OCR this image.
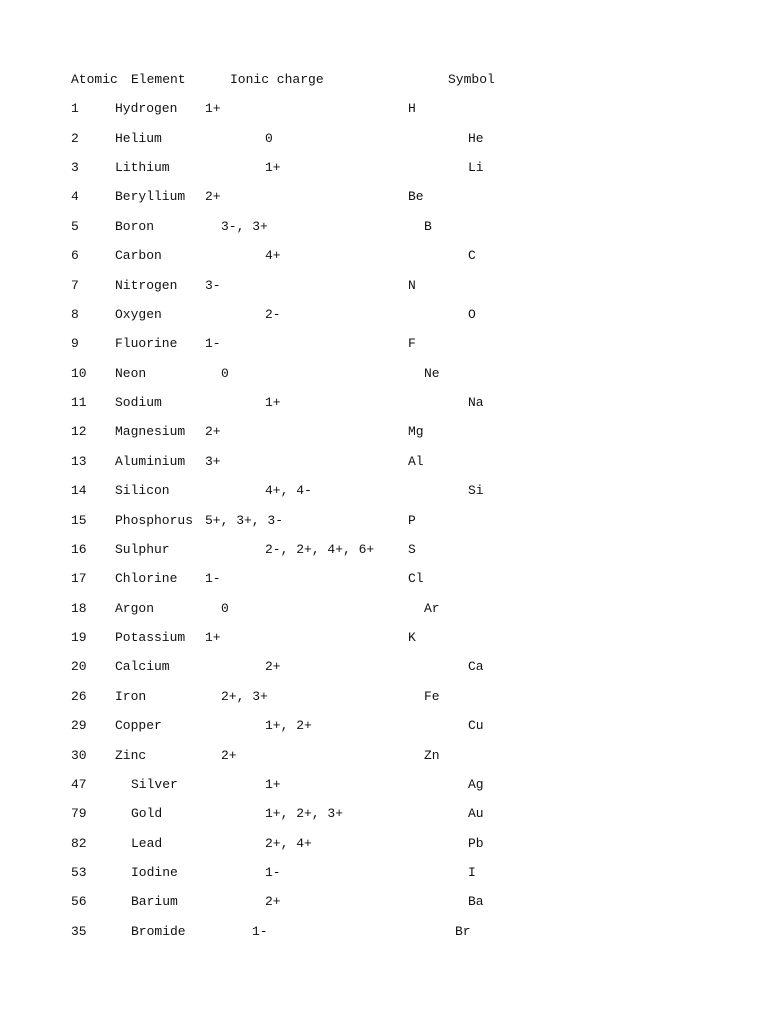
Atomic Element	Ionic charge	Symbol
1	Hydrogen 1+	H
2	Helium	0	He
3	Lithium	1+	Li
4	Beryllium 2+	Be
5	Boron	3-, 3+	B
6	Carbon	4+	C
7	Nitrogen 3-	N
8	Oxygen	2-	O
9	Fluorine 1-	F
10 Neon	0	Ne
11 Sodium	1+	Na
12 Magnesium 2+	Mg
13 Aluminium 3+	Al
14 Silicon	4+, 4-	Si
15 Phosphorus 5+, 3+, 3-	P
16 Sulphur	2-, 2+, 4+, 6+	S
17 Chlorine 1-	Cl
18 Argon	0	Ar
19 Potassium 1+	K
20 Calcium	2+	Ca
26 Iron	2+, 3+	Fe
29 Copper	1+, 2+	Cu
30 Zinc	2+	Zn
47	Silver	1+	Ag
79	Gold	1+, 2+, 3+	Au
82	Lead	2+, 4+	Pb
53	Iodine	1-	I
56	Barium	2+	Ba
35	Bromide	1-	Br
